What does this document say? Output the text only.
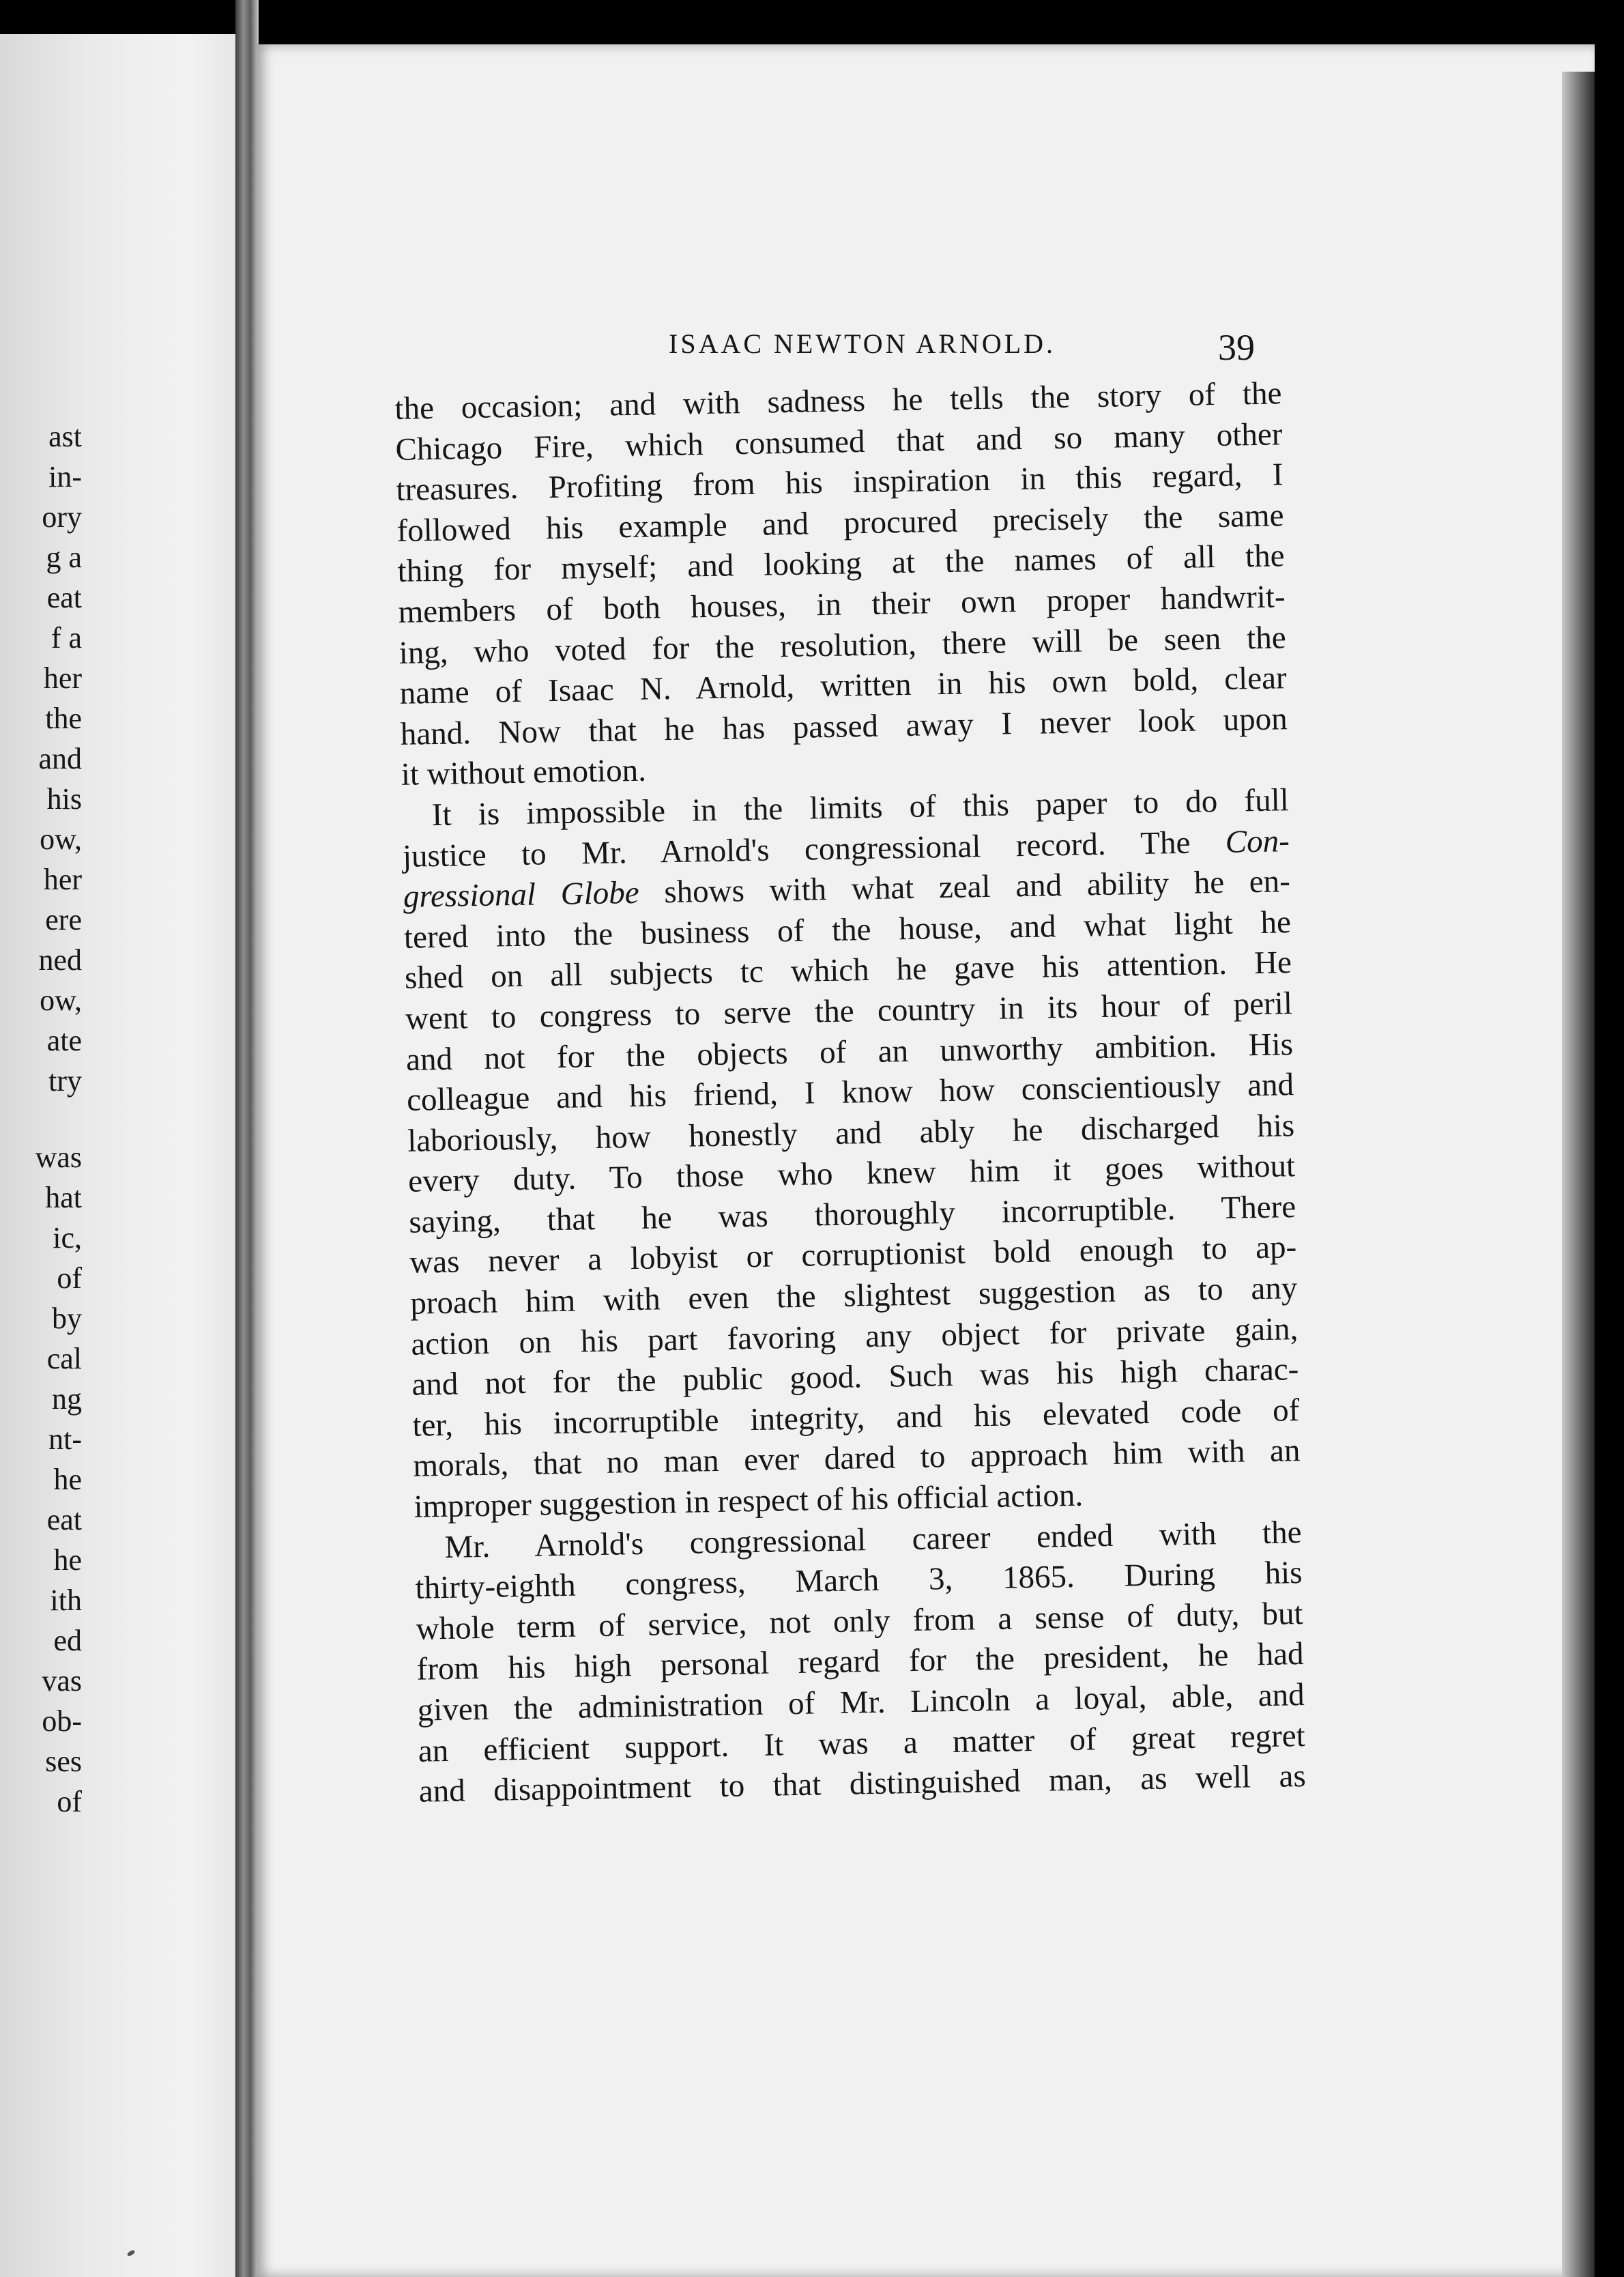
ast
in-
ory
g a
eat
f a
her
the
and
his
ow,
her
ere
ned
ow,
ate
try
was
hat
ic,
of
by
cal
ng
nt-
he
eat
he
ith
ed
vas
ob-
ses
of
ISAAC NEWTON ARNOLD.	39
the occasion; and with sadness he tells the story of the
Chicago Fire, which consumed that and so many other
treasures. Profiting from his inspiration in this regard, I
followed his example and procured precisely the same
thing for myself; and looking at the names of all the
members of both houses, in their own proper handwrit-
ing, who voted for the resolution, there will be seen the
name of Isaac N. Arnold, written in his own bold, clear
hand. Now that he has passed away I never look upon
it without emotion.
It is impossible in the limits of this paper to do full
justice to Mr. Arnold's congressional record. The Con-
gressional Globe shows with what zeal and ability he en-
tered into the business of the house, and what light he
shed on all subjects tc which he gave his attention. He
went to congress to serve the country in its hour of peril
and not for the objects of an unworthy ambition. His
colleague and his friend, I know how conscientiously and
laboriously, how honestly and ably he discharged his
every duty. To those who knew him it goes without
saying, that he was thoroughly incorruptible. There
was never a lobyist or corruptionist bold enough to ap-
proach him with even the slightest suggestion as to any
action on his part favoring any object for private gain,
and not for the public good. Such was his high charac-
ter, his incorruptible integrity, and his elevated code of
morals, that no man ever dared to approach him with an
improper suggestion in respect of his official action.
Mr. Arnold's congressional career ended with the
thirty-eighth congress, March 3, 1865. During his
whole term of service, not only from a sense of duty, but
from his high personal regard for the president, he had
given the administration of Mr. Lincoln a loyal, able, and
an efficient support. It was a matter of great regret
and disappointment to that distinguished man, as well as
